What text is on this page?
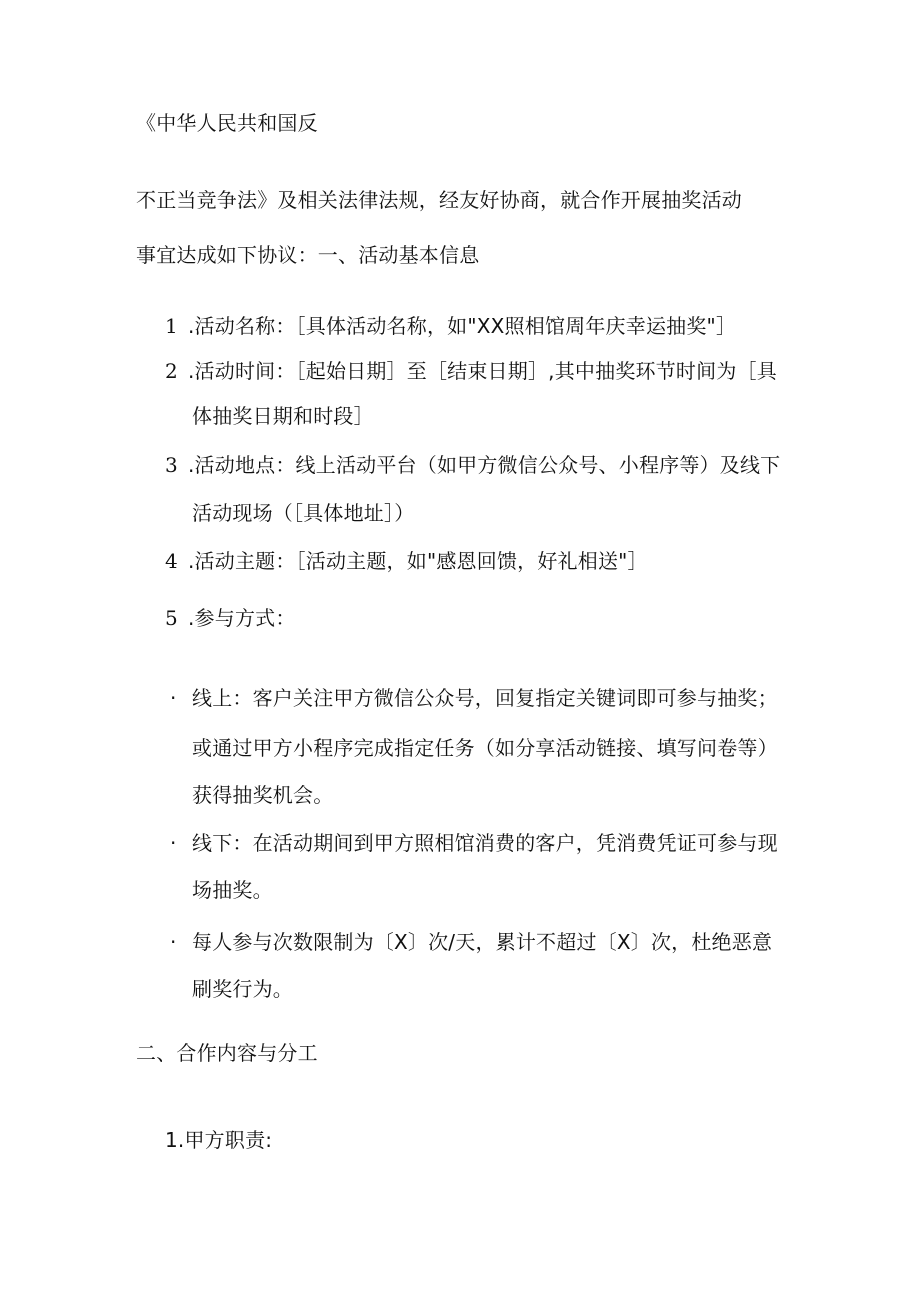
《中华人民共和国反
不正当竞争法》及相关法律法规，经友好协商，就合作开展抽奖活动
事宜达成如下协议：一、活动基本信息
1 .活动名称：［具体活动名称，如"XX照相馆周年庆幸运抽奖"］
2 .活动时间：［起始日期］至［结束日期］,其中抽奖环节时间为［具
体抽奖日期和时段］
3 .活动地点：线上活动平台（如甲方微信公众号、小程序等）及线下
活动现场（［具体地址］）
4 .活动主题：［活动主题，如"感恩回馈，好礼相送"］
5 .参与方式：
· 线上：客户关注甲方微信公众号，回复指定关键词即可参与抽奖；
或通过甲方小程序完成指定任务（如分享活动链接、填写问卷等）
获得抽奖机会。
· 线下：在活动期间到甲方照相馆消费的客户，凭消费凭证可参与现
场抽奖。
· 每人参与次数限制为〔X〕次/天，累计不超过〔X〕次，杜绝恶意
刷奖行为。
二、合作内容与分工
1.甲方职责:
